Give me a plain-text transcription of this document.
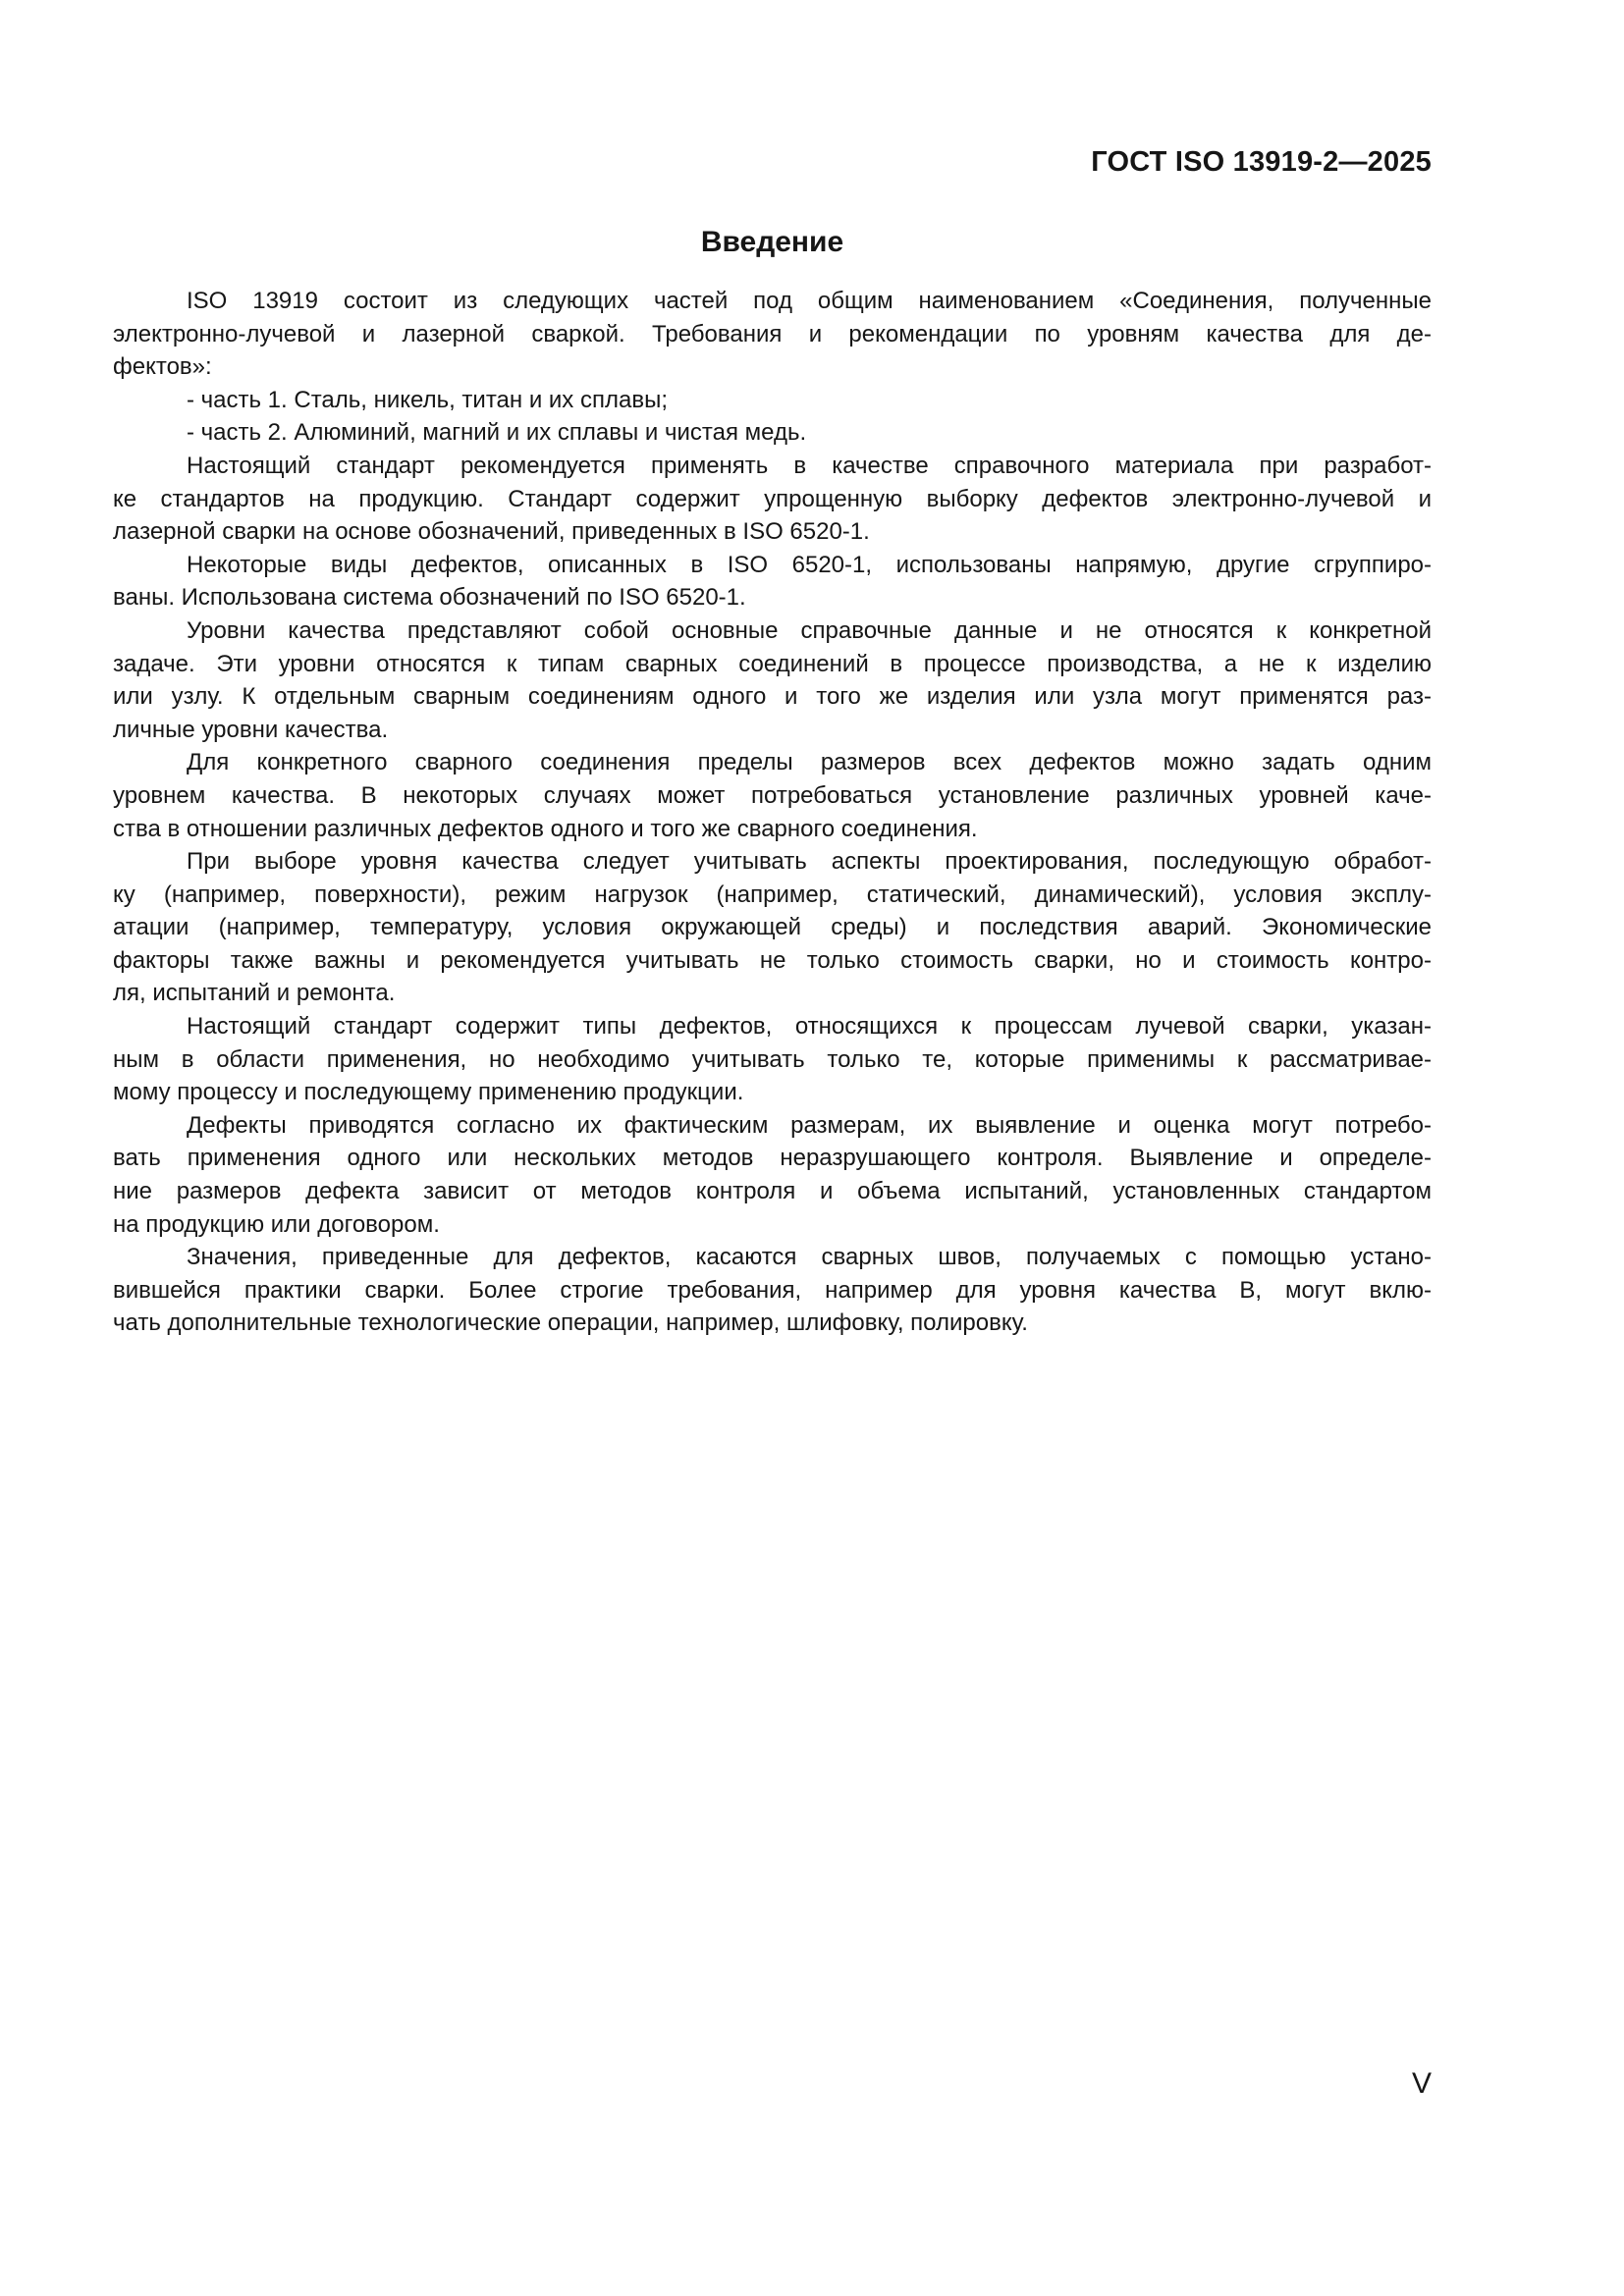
ГОСТ ISO 13919-2—2025
Введение
ISO 13919 состоит из следующих частей под общим наименованием «Соединения, полученные
электронно-лучевой и лазерной сваркой. Требования и рекомендации по уровням качества для де-
фектов»:
- часть 1. Сталь, никель, титан и их сплавы;
- часть 2. Алюминий, магний и их сплавы и чистая медь.
Настоящий стандарт рекомендуется применять в качестве справочного материала при разработ-
ке стандартов на продукцию. Стандарт содержит упрощенную выборку дефектов электронно-лучевой и
лазерной сварки на основе обозначений, приведенных в ISO 6520-1.
Некоторые виды дефектов, описанных в ISO 6520-1, использованы напрямую, другие сгруппиро-
ваны. Использована система обозначений по ISO 6520-1.
Уровни качества представляют собой основные справочные данные и не относятся к конкретной
задаче. Эти уровни относятся к типам сварных соединений в процессе производства, а не к изделию
или узлу. К отдельным сварным соединениям одного и того же изделия или узла могут применятся раз-
личные уровни качества.
Для конкретного сварного соединения пределы размеров всех дефектов можно задать одним
уровнем качества. В некоторых случаях может потребоваться установление различных уровней каче-
ства в отношении различных дефектов одного и того же сварного соединения.
При выборе уровня качества следует учитывать аспекты проектирования, последующую обработ-
ку (например, поверхности), режим нагрузок (например, статический, динамический), условия эксплу-
атации (например, температуру, условия окружающей среды) и последствия аварий. Экономические
факторы также важны и рекомендуется учитывать не только стоимость сварки, но и стоимость контро-
ля, испытаний и ремонта.
Настоящий стандарт содержит типы дефектов, относящихся к процессам лучевой сварки, указан-
ным в области применения, но необходимо учитывать только те, которые применимы к рассматривае-
мому процессу и последующему применению продукции.
Дефекты приводятся согласно их фактическим размерам, их выявление и оценка могут потребо-
вать применения одного или нескольких методов неразрушающего контроля. Выявление и определе-
ние размеров дефекта зависит от методов контроля и объема испытаний, установленных стандартом
на продукцию или договором.
Значения, приведенные для дефектов, касаются сварных швов, получаемых с помощью устано-
вившейся практики сварки. Более строгие требования, например для уровня качества B, могут вклю-
чать дополнительные технологические операции, например, шлифовку, полировку.
V
